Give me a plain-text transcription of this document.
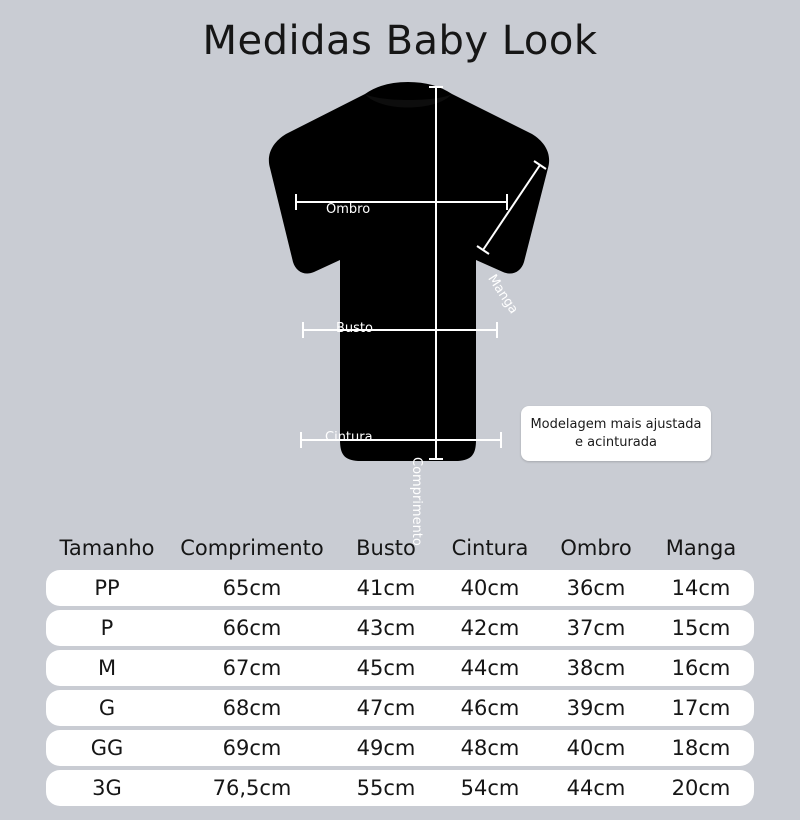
Medidas Baby Look
Ombro
Busto
Cintura
Manga
Comprimento
Modelagem mais ajustada e acinturada
Tamanho	Comprimento	Busto	Cintura	Ombro	Manga
PP	65cm	41cm	40cm	36cm	14cm
P	66cm	43cm	42cm	37cm	15cm
M	67cm	45cm	44cm	38cm	16cm
G	68cm	47cm	46cm	39cm	17cm
GG	69cm	49cm	48cm	40cm	18cm
3G	76,5cm	55cm	54cm	44cm	20cm
